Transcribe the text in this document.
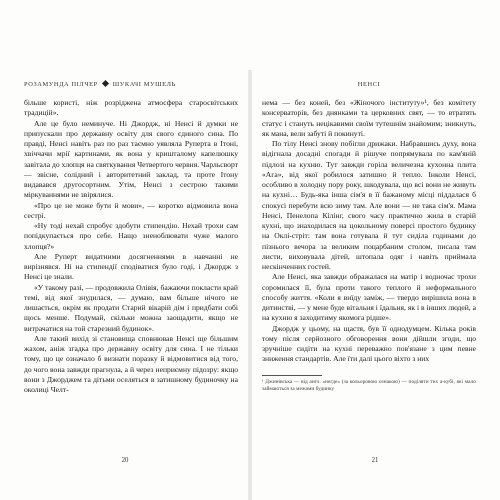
РОЗАМУНДА ПІЛЧЕР ШУКАЧІ МУШЕЛЬ

більше користі, ніж розріджена атмосфера старосвітських традицій».

Але це було неминуче. Ні Джордж, ні Ненсі й думки не припускали про державну освіту для свого єдиного сина. По правді, Ненсі навіть раз по раз таємно уявляла Руперта в Ітоні, хвіччачи мрії картинами, як вона у кришталому капелюшку завітала до хлопця на святкування Четвертого червня. Чарльсворт — звісне, солідний і авторитетний заклад, та проте Ітону видавався другосортним. Утім, Ненсі з сестрою такими міркуваннями не звірялися.

«Про це не може бути й мови», — коротко відмовила вона сестрі.

«Ну тоді нехай спробує здобути стипендію. Нехай трохи сам попідкупається про себе. Нащо зненоблювати чуже малого хлопця?»

Але Руперт видатними досягненнями в навчанні не вирізнявся. Ні на стипендії сподіватися було годі, і Джордж з Ненсі це знали.

«У такому разі, — продовжила Олівія, бажаючи покласти край темі, від якої знудилася, — думаю, вам більше нічого не лишається, окрім як продати Старий вікарій дім і придбати собі щось менше. Подумай, скільки можна заощадити, якщо не витрачатися на той старезний будинок».

Але такий вихід зі становища сповнював Ненсі ще більшим жахом, аніж згадка про державну освіту для сина. І не тільки тому, що це означало б визнати поразку й відмовитися від того, до чого вона завжди прагнула, а й через неприємну підозру: якщо вони з Джорджем та дітьми оселяться в затишному будиночку на околиці Челт-

20
НЕНСІ

нема — без коней, без «Жіночого інституту»¹, без комітету консерваторів, без днянками та церковних свят, — то втратять статус і стануть нецікавими своїм тутешнім знайомим; зникнуть, як мана, вели забуті й покинуті.

По тілу Ненсі знову побігли дрижаки. Набравшись духу, вона відігнала досадні спогади й рішуче попрямувала по кам'яній підлозі на кухню. Тут завжди горіла величезна кухонна плита «Ага», від якої робилося затишно й тепло. Інколи Ненсі, особливо в холодну пору року, шкодувала, що всі вони не живуть на кухні… Будь-яка інша сім'я в її бажаному місці піддалася б спокусі перебути всю зиму там. Але вони — не така сім'я. Мама Ненсі, Пенелопа Кілінг, свого часу практично жила в старій кухні, що знаходилася на цокольному поверсі простого будинку на Оклі-стріт: там вона готувала й тут сиділа годинами до пізнього вечора за великим поцарбаним столом, писала там листи, виховувала дітей, штопала одяг і навіть приймала нескінченних гостей.

Але Ненсі, яка завжди ображалася на матір і водночас трохи соромилася її, була проти такого теплого й неформального способу життя. «Коли я виїду заміж, — твердо вирішила вона в дитинстві, — у мене буде вітальня і їдальня, як і в інших людей, а на кухню я заходитиму якомога рідше».

Джордж у цьому, на щастя, був її однодумцем. Кілька років тому після серйозного обговорення вони дійшли згоди, що зручніше сидіти на кухні переважно пов'язане з цим певне зниження стандартів. Але їти далі цього віхто з них

¹ Джинівська — від англ. «негде» (за кольоровою ознакою) — поділяти тих а-кубі, які мало займаються за межами будинку
21
